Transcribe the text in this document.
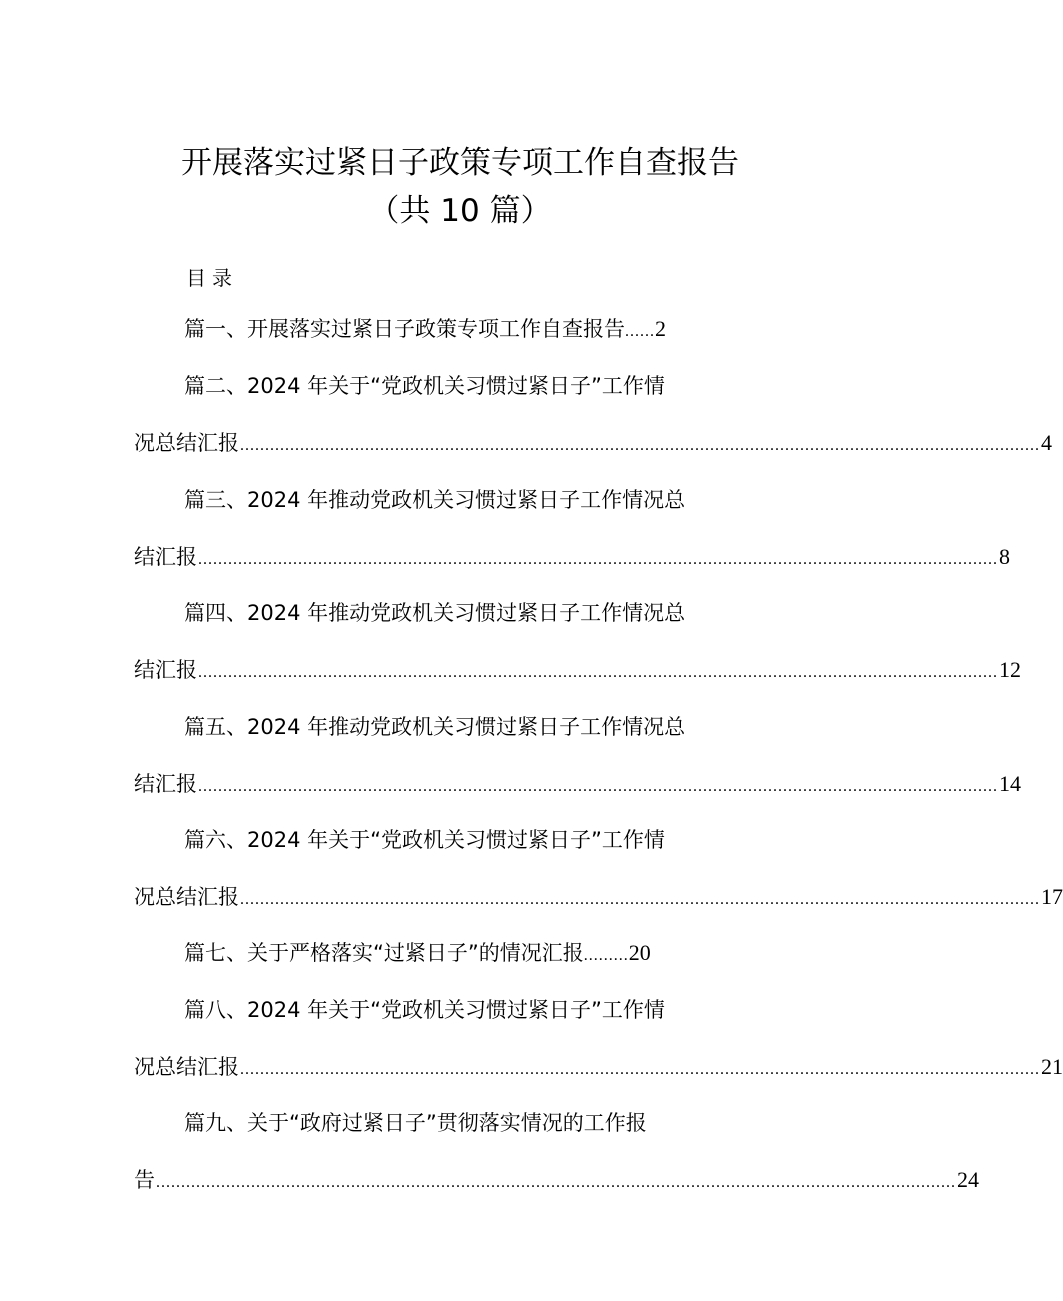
开展落实过紧日子政策专项工作自查报告
（共 10 篇）
目录
篇一、开展落实过紧日子政策专项工作自查报告 ...... 2
篇二、2024 年关于“党政机关习惯过紧日子”工作情
况总结汇报 ................................................................................................................................................................ 4
篇三、2024 年推动党政机关习惯过紧日子工作情况总
结汇报 ................................................................................................................................................................ 8
篇四、2024 年推动党政机关习惯过紧日子工作情况总
结汇报 ................................................................................................................................................................ 12
篇五、2024 年推动党政机关习惯过紧日子工作情况总
结汇报 ................................................................................................................................................................ 14
篇六、2024 年关于“党政机关习惯过紧日子”工作情
况总结汇报 ................................................................................................................................................................ 17
篇七、关于严格落实“过紧日子”的情况汇报 ......... 20
篇八、2024 年关于“党政机关习惯过紧日子”工作情
况总结汇报 ................................................................................................................................................................ 21
篇九、关于“政府过紧日子”贯彻落实情况的工作报
告 ................................................................................................................................................................ 24
